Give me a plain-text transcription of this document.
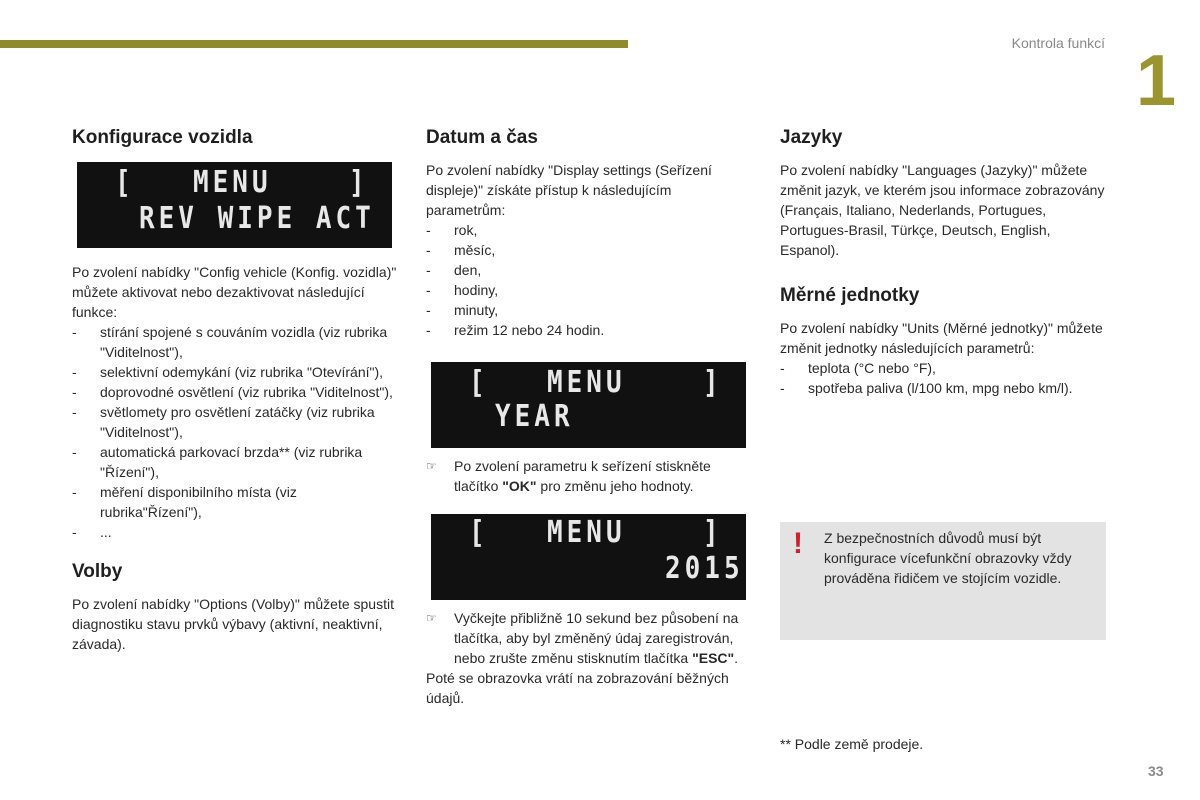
Kontrola funkcí 1
Konfigurace vozidla
[ MENU	]
REV WIPE ACT

Po zvolení nabídky "Config vehicle (Konfig. vozidla)" můžete aktivovat nebo dezaktivovat následující funkce:

- stírání spojené s couváním vozidla (viz rubrika "Viditelnost"),
- selektivní odemykání (viz rubrika "Otevírání"),
- doprovodné osvětlení (viz rubrika "Viditelnost"),
- světlomety pro osvětlení zatáčky (viz rubrika "Viditelnost"),
- automatická parkovací brzda** (viz rubrika "Řízení"),
- měření disponibilního místa (viz rubrika"Řízení"),
- ...
Volby

Po zvolení nabídky "Options (Volby)" můžete spustit diagnostiku stavu prvků výbavy (aktivní, neaktivní, závada).

Datum a čas

Po zvolení nabídky "Display settings (Seřízení displeje)" získáte přístup k následujícím parametrům:

- rok,
- měsíc,
- den,
- hodiny,
- minuty,
- režim 12 nebo 24 hodin.
[ MENU	]
YEAR
☞ Po zvolení parametru k seřízení stiskněte tlačítko "OK" pro změnu jeho hodnoty.
[ MENU	]
2015
☞ Vyčkejte přibližně 10 sekund bez působení na tlačítka, aby byl změněný údaj zaregistrován, nebo zrušte změnu stisknutím tlačítka "ESC".

Poté se obrazovka vrátí na zobrazování běžných údajů.

Jazyky

Po zvolení nabídky "Languages (Jazyky)" můžete změnit jazyk, ve kterém jsou informace zobrazovány (Français, Italiano, Nederlands, Portugues, Portugues-Brasil, Türkçe, Deutsch, English, Espanol).

Měrné jednotky

Po zvolení nabídky "Units (Měrné jednotky)" můžete změnit jednotky následujících parametrů:

- teplota (°C nebo °F),
- spotřeba paliva (l/100 km, mpg nebo km/l).
! Z bezpečnostních důvodů musí být konfigurace vícefunkční obrazovky vždy prováděna řidičem ve stojícím vozidle.
** Podle země prodeje.
33
